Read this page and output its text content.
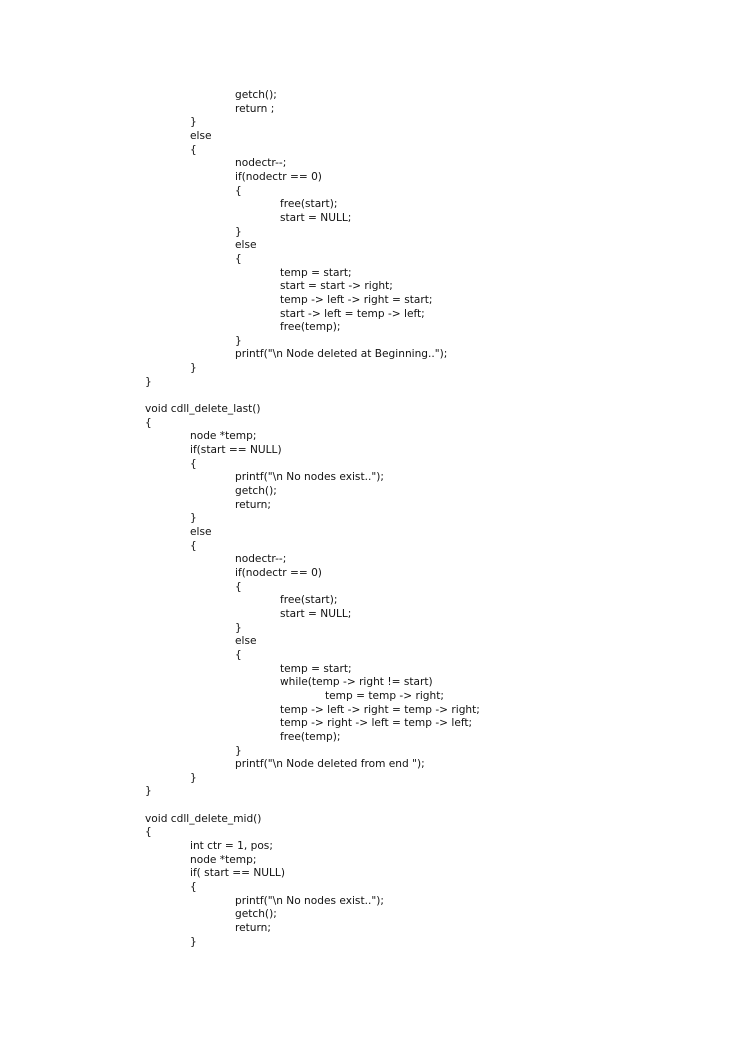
getch();
return ;
}
else
{
nodectr--;
if(nodectr == 0)
{
free(start);
start = NULL;
}
else
{
temp = start;
start = start -> right;
temp -> left -> right = start;
start -> left = temp -> left;
free(temp);
}
printf("\n Node deleted at Beginning..");
}
}
void cdll_delete_last()
{
node *temp;
if(start == NULL)
{
printf("\n No nodes exist..");
getch();
return;
}
else
{
nodectr--;
if(nodectr == 0)
{
free(start);
start = NULL;
}
else
{
temp = start;
while(temp -> right != start)
temp = temp -> right;
temp -> left -> right = temp -> right;
temp -> right -> left = temp -> left;
free(temp);
}
printf("\n Node deleted from end ");
}
}
void cdll_delete_mid()
{
int ctr = 1, pos;
node *temp;
if( start == NULL)
{
printf("\n No nodes exist..");
getch();
return;
}
